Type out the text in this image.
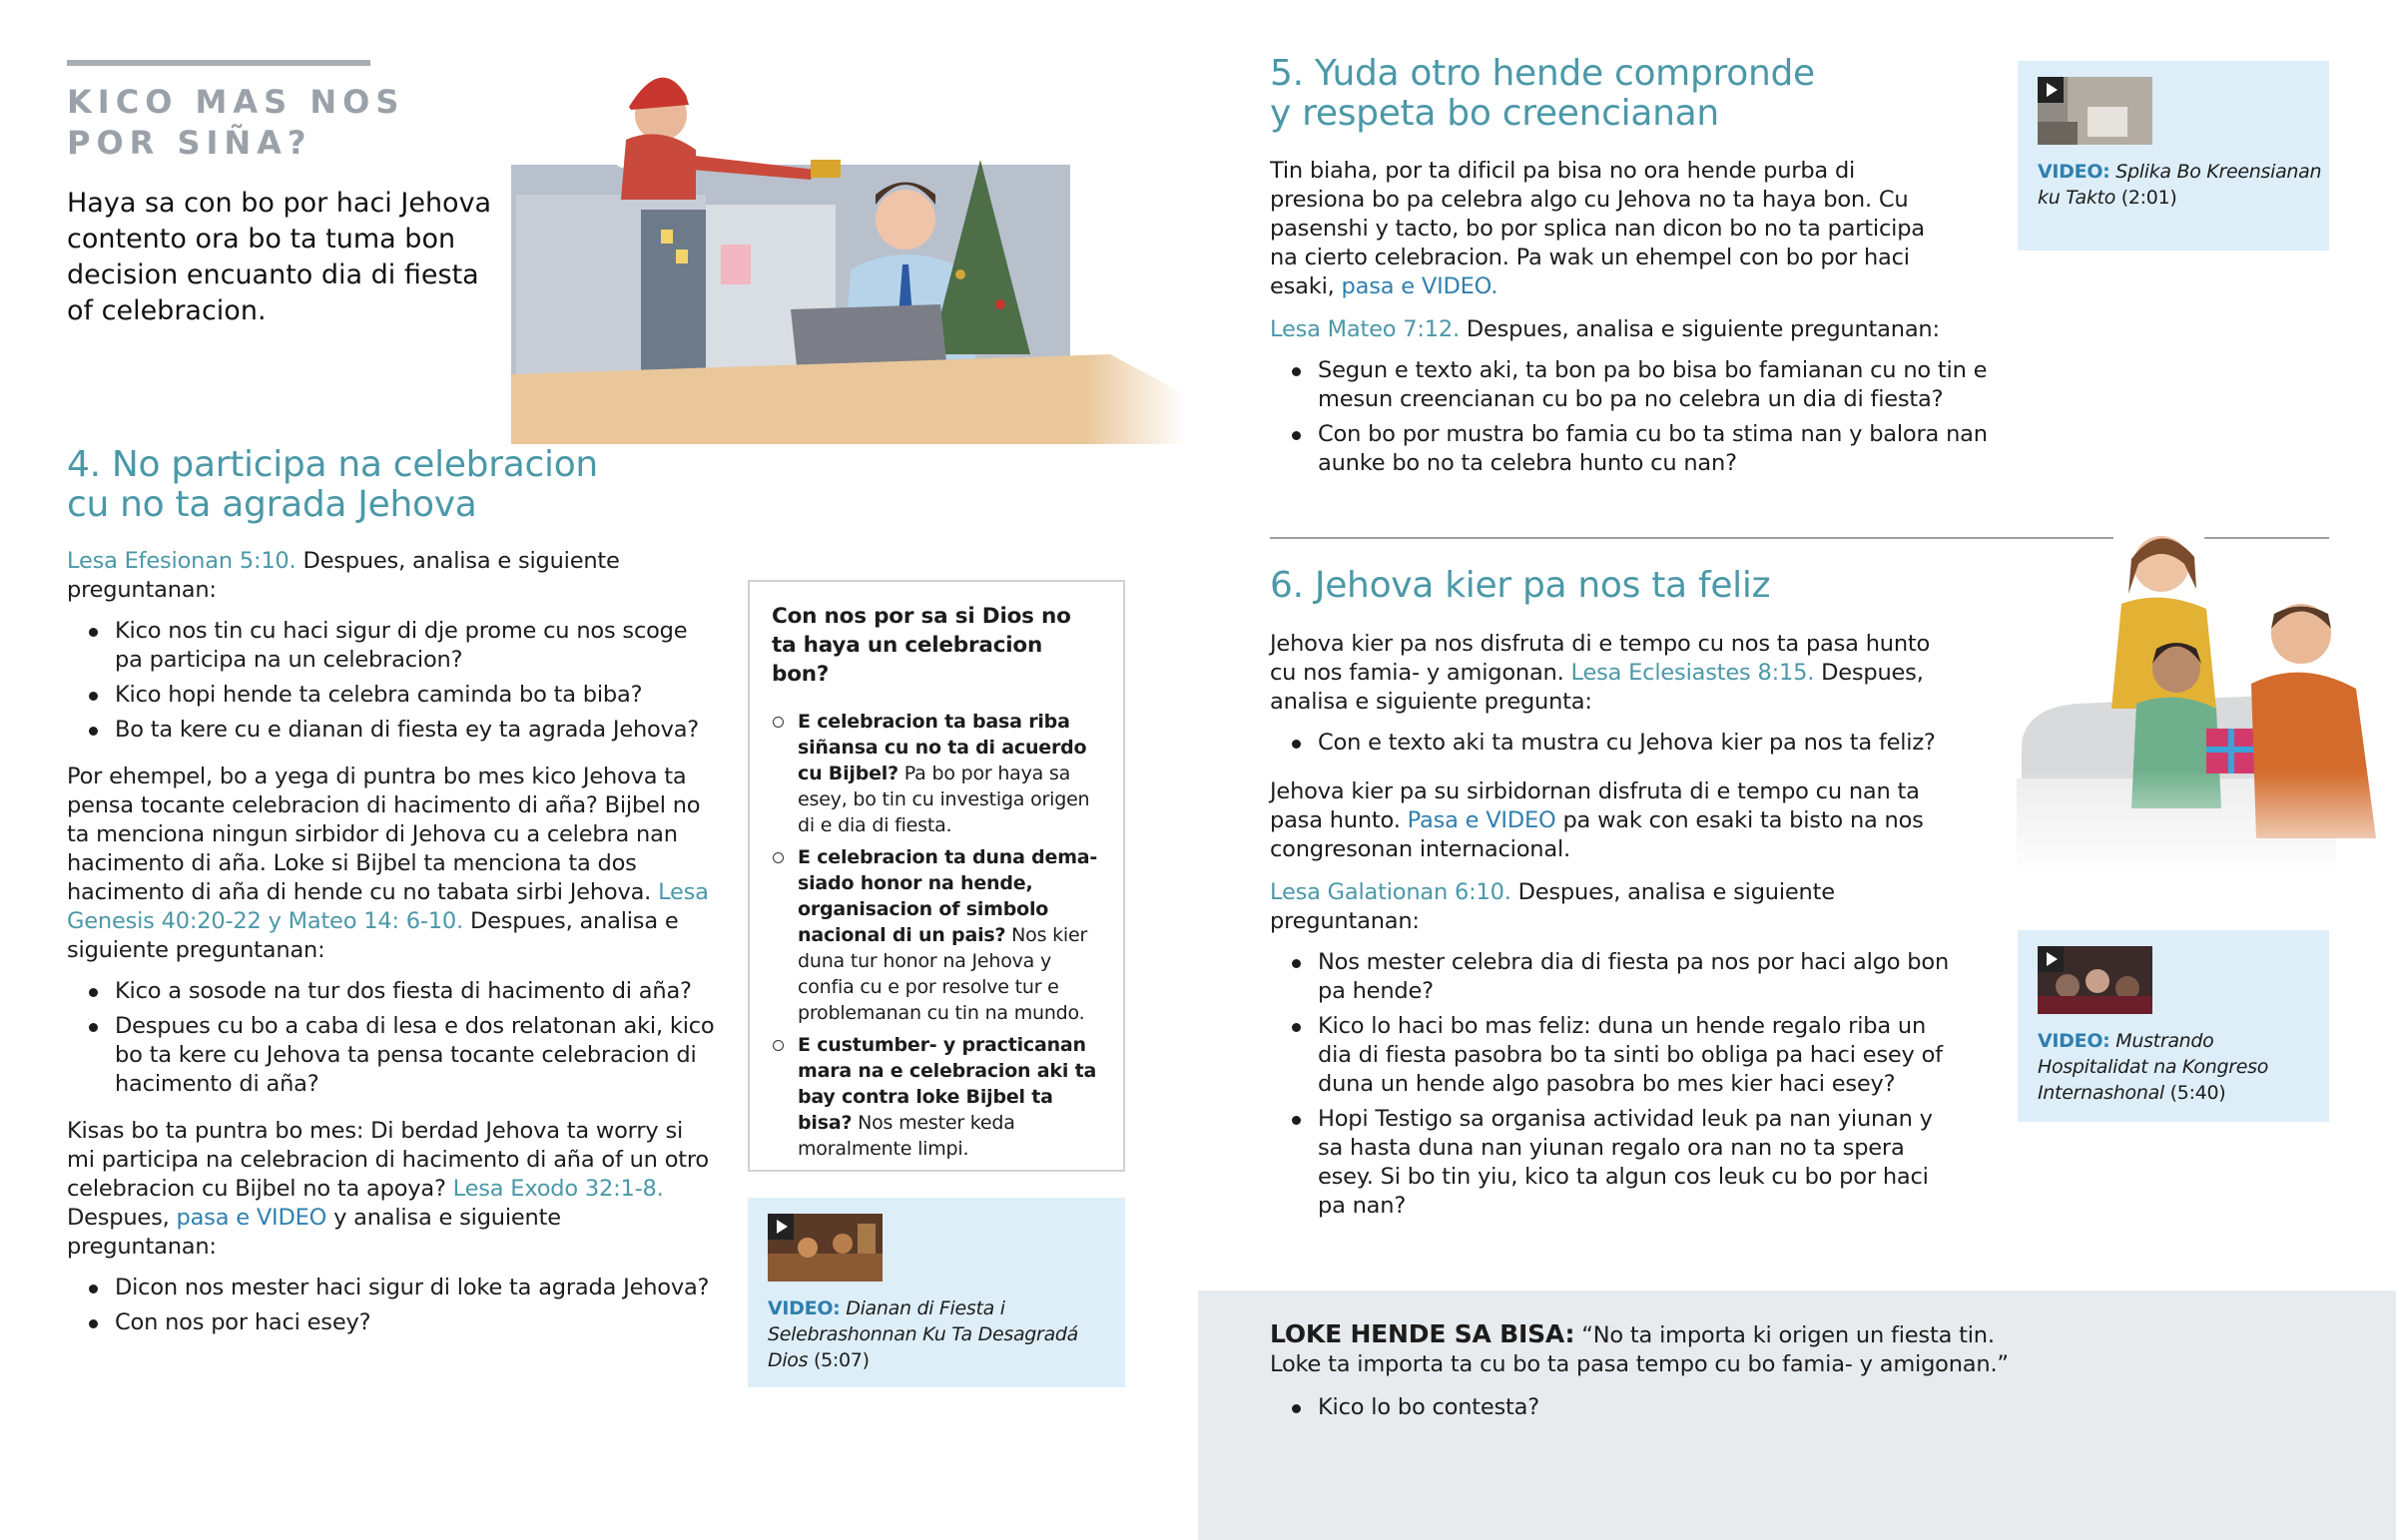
KICO MAS NOS
POR SIÑA?

Haya sa con bo por haci Jehova contento ora bo ta tuma bon decision encuanto dia di fiesta of celebracion.

4. No participa na celebracion
cu no ta agrada Jehova

Lesa Efesionan 5:10. Despues, analisa e siguiente preguntanan:

Kico nos tin cu haci sigur di dje prome cu nos scoge pa participa na un celebracion?
Kico hopi hende ta celebra caminda bo ta biba?
Bo ta kere cu e dianan di fiesta ey ta agrada Jehova?

Por ehempel, bo a yega di puntra bo mes kico Jehova ta pensa tocante celebracion di hacimento di aña? Bijbel no ta menciona ningun sirbidor di Jehova cu a celebra nan hacimento di aña. Loke si Bijbel ta menciona ta dos hacimento di aña di hende cu no tabata sirbi Jehova. Lesa Genesis 40:20-22 y Mateo 14: 6-10. Despues, analisa e siguiente preguntanan:

Kico a sosode na tur dos fiesta di hacimento di aña?
Despues cu bo a caba di lesa e dos relatonan aki, kico bo ta kere cu Jehova ta pensa tocante celebracion di hacimento di aña?

Kisas bo ta puntra bo mes: Di berdad Jehova ta worry si mi participa na celebracion di hacimento di aña of un otro celebracion cu Bijbel no ta apoya? Lesa Exodo 32:1-8. Despues, pasa e VIDEO y analisa e siguiente preguntanan:

Dicon nos mester haci sigur di loke ta agrada Jehova?
Con nos por haci esey?
Con nos por sa si Dios no ta haya un celebracion bon?
E celebracion ta basa riba siñansa cu no ta di acuerdo cu Bijbel? Pa bo por haya sa esey, bo tin cu investiga origen di e dia di fiesta.
E celebracion ta duna demasiado honor na hende, organisacion of simbolo nacional di un pais? Nos kier duna tur honor na Jehova y confia cu e por resolve tur e problemanan cu tin na mundo.
E custumber- y practicanan mara na e celebracion aki ta bay contra loke Bijbel ta bisa? Nos mester keda moralmente limpi.
VIDEO: Dianan di Fiesta i Selebrashonnan Ku Ta Desagradá Dios (5:07)
5. Yuda otro hende compronde
y respeta bo creencianan

Tin biaha, por ta dificil pa bisa no ora hende purba di presiona bo pa celebra algo cu Jehova no ta haya bon. Cu pasenshi y tacto, bo por splica nan dicon bo no ta participa na cierto celebracion. Pa wak un ehempel con bo por haci esaki, pasa e VIDEO.

Lesa Mateo 7:12. Despues, analisa e siguiente preguntanan:

Segun e texto aki, ta bon pa bo bisa bo famianan cu no tin e mesun creencianan cu bo pa no celebra un dia di fiesta?
Con bo por mustra bo famia cu bo ta stima nan y balora nan aunke bo no ta celebra hunto cu nan?
VIDEO: Splika Bo Kreensianan ku Takto (2:01)
6. Jehova kier pa nos ta feliz

Jehova kier pa nos disfruta di e tempo cu nos ta pasa hunto cu nos famia- y amigonan. Lesa Eclesiastes 8:15. Despues, analisa e siguiente pregunta:

Con e texto aki ta mustra cu Jehova kier pa nos ta feliz?

Jehova kier pa su sirbidornan disfruta di e tempo cu nan ta pasa hunto. Pasa e VIDEO pa wak con esaki ta bisto na nos congresonan internacional.

Lesa Galationan 6:10. Despues, analisa e siguiente preguntanan:

Nos mester celebra dia di fiesta pa nos por haci algo bon pa hende?
Kico lo haci bo mas feliz: duna un hende regalo riba un dia di fiesta pasobra bo ta sinti bo obliga pa haci esey of duna un hende algo pasobra bo mes kier haci esey?
Hopi Testigo sa organisa actividad leuk pa nan yiunan y sa hasta duna nan yiunan regalo ora nan no ta spera esey. Si bo tin yiu, kico ta algun cos leuk cu bo por haci pa nan?
VIDEO: Mustrando Hospitalidat na Kongreso Internashonal (5:40)

LOKE HENDE SA BISA: “No ta importa ki origen un fiesta tin. Loke ta importa ta cu bo ta pasa tempo cu bo famia- y amigonan.”

Kico lo bo contesta?
